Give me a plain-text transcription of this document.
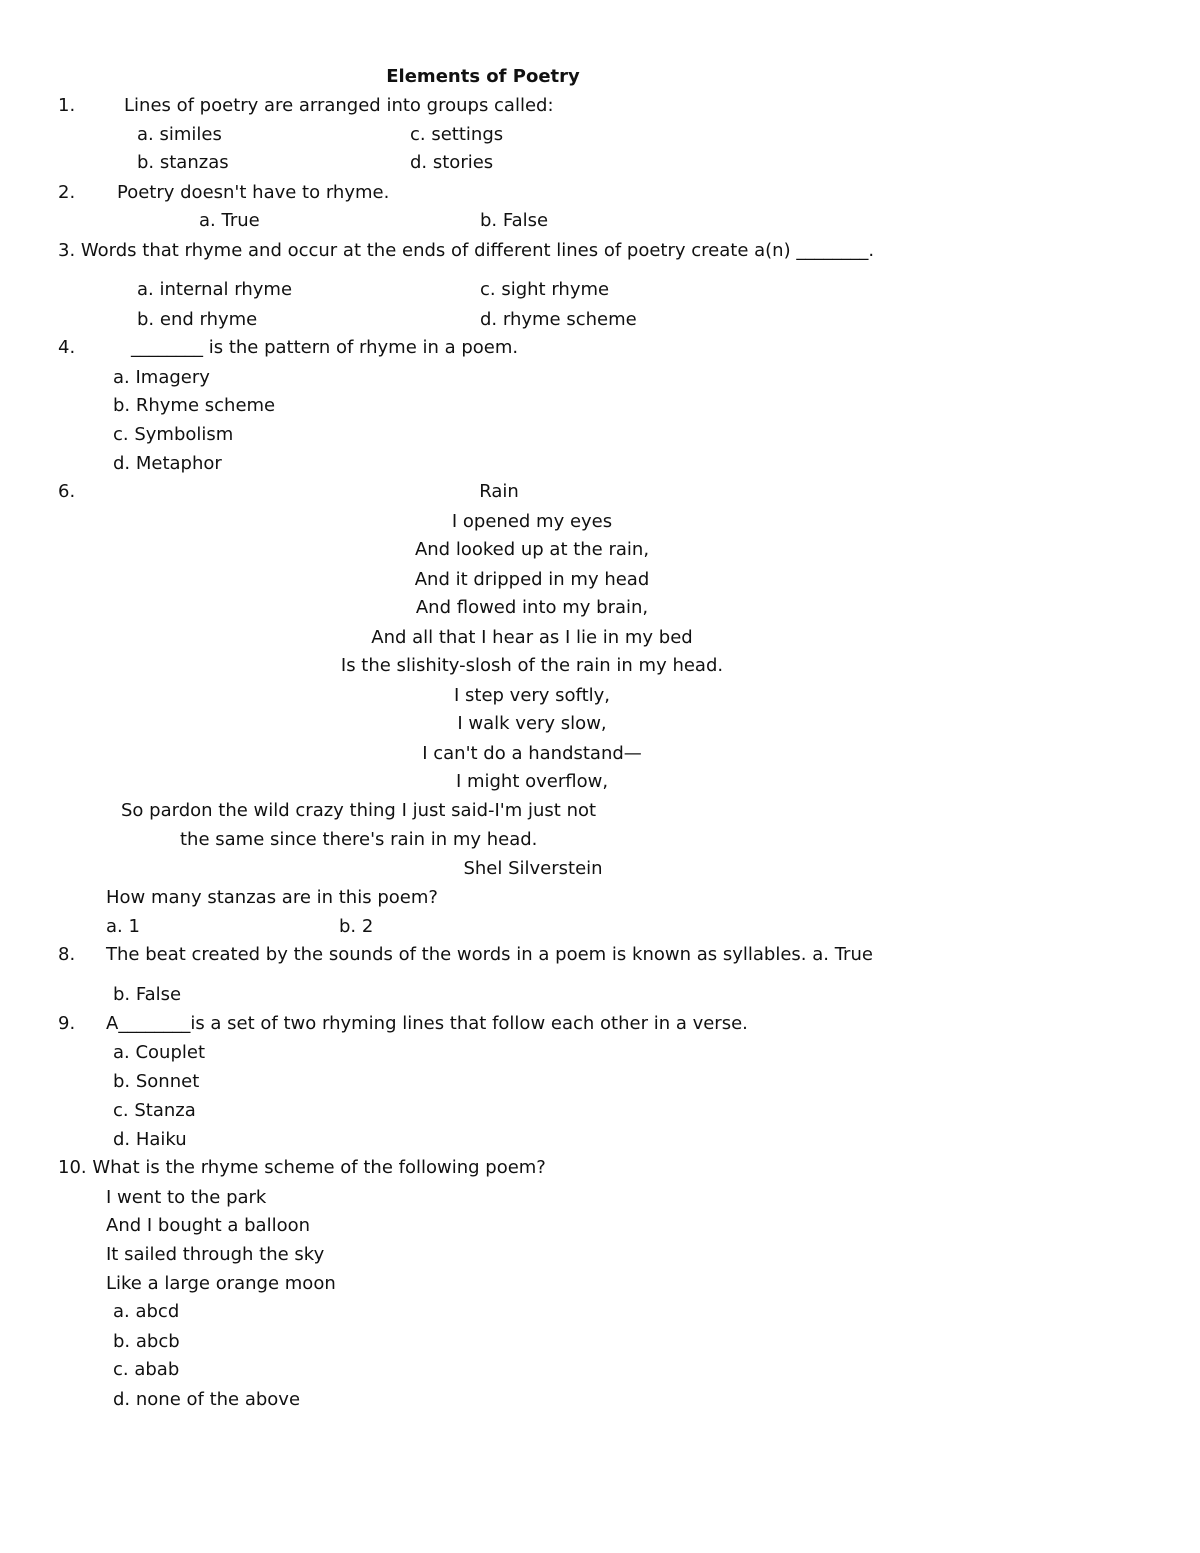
Elements of Poetry
1.	Lines of poetry are arranged into groups called:
a. similes
b. stanzas
c. settings
d. stories
2. Poetry doesn't have to rhyme.
a. True	b. False
3. Words that rhyme and occur at the ends of different lines of poetry create a(n) ________.
a. internal rhyme
b. end rhyme
c. sight rhyme
d. rhyme scheme
4.	________ is the pattern of rhyme in a poem.
a. Imagery
b. Rhyme scheme
c. Symbolism
d. Metaphor
6.	Rain
I opened my eyes
And looked up at the rain,
And it dripped in my head
And flowed into my brain,
And all that I hear as I lie in my bed
Is the slishity-slosh of the rain in my head.
I step very softly,
I walk very slow,
I can't do a handstand—
I might overflow,
So pardon the wild crazy thing I just said-I'm just not
the same since there's rain in my head.
Shel Silverstein
How many stanzas are in this poem?
a. 1	b. 2
8. The beat created by the sounds of the words in a poem is known as syllables. a. True
b. False
9. A________is a set of two rhyming lines that follow each other in a verse.
a. Couplet
b. Sonnet
c. Stanza
d. Haiku
10. What is the rhyme scheme of the following poem?
I went to the park
And I bought a balloon
It sailed through the sky
Like a large orange moon
a. abcd
b. abcb
c. abab
d. none of the above
